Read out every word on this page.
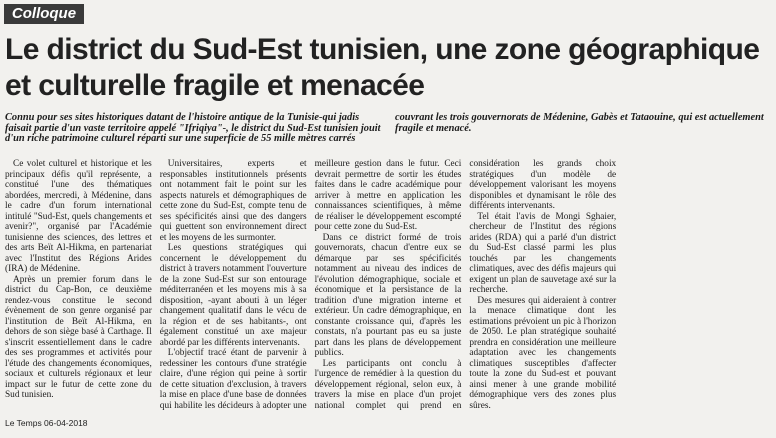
Colloque
Le district du Sud-Est tunisien, une zone géographique et culturelle fragile et menacée
Connu pour ses sites historiques datant de l'histoire antique de la Tunisie-qui jadis faisait partie d'un vaste territoire appelé "Ifriqiya"-, le district du Sud-Est tunisien jouit d'un riche patrimoine culturel réparti sur une superficie de 55 mille mètres carrés couvrant les trois gouvernorats de Médenine, Gabès et Tataouine, qui est actuellement fragile et menacé.

Ce volet culturel et historique et les principaux défis qu'il représente, a constitué l'une des thématiques abordées, mercredi, à Médenine, dans le cadre d'un forum international intitulé "Sud-Est, quels changements et avenir?", organisé par l'Académie tunisienne des sciences, des lettres et des arts Beït Al-Hikma, en partenariat avec l'Institut des Régions Arides (IRA) de Médenine.

Après un premier forum dans le district du Cap-Bon, ce deuxième rendez-vous constitue le second évènement de son genre organisé par l'institution de Beït Al-Hikma, en dehors de son siège basé à Carthage. Il s'inscrit essentiellement dans le cadre des ses programmes et activités pour l'étude des changements économiques, sociaux et culturels régionaux et leur impact sur le futur de cette zone du Sud tunisien.

Universitaires, experts et responsables institutionnels présents ont notamment fait le point sur les aspects naturels et démographiques de cette zone du Sud-Est, compte tenu de ses spécificités ainsi que des dangers qui guettent son environnement direct et les moyens de les surmonter.

Les questions stratégiques qui concernent le développement du district à travers notamment l'ouverture de la zone Sud-Est sur son entourage méditerranéen et les moyens mis à sa disposition, -ayant abouti à un léger changement qualitatif dans le vécu de la région et de ses habitants-, ont également constitué un axe majeur abordé par les différents intervenants.

L'objectif tracé étant de parvenir à redessiner les contours d'une stratégie claire, d'une région qui peine à sortir de cette situation d'exclusion, à travers la mise en place d'une base de données qui habilite les décideurs à adopter une meilleure gestion dans le futur. Ceci devrait permettre de sortir les études faites dans le cadre académique pour arriver à mettre en application les connaissances scientifiques, à même de réaliser le développement escompté pour cette zone du Sud-Est.

Dans ce district formé de trois gouvernorats, chacun d'entre eux se démarque par ses spécificités notamment au niveau des indices de l'évolution démographique, sociale et économique et la persistance de la tradition d'une migration interne et extérieur. Un cadre démographique, en constante croissance qui, d'après les constats, n'a pourtant pas eu sa juste part dans les plans de développement publics.

Les participants ont conclu à l'urgence de remédier à la question du développement régional, selon eux, à travers la mise en place d'un projet national complet qui prend en considération les grands choix stratégiques d'un modèle de développement valorisant les moyens disponibles et dynamisant le rôle des différents intervenants.

Tel était l'avis de Mongi Sghaier, chercheur de l'Institut des régions arides (RDA) qui a parlé d'un district du Sud-Est classé parmi les plus touchés par les changements climatiques, avec des défis majeurs qui exigent un plan de sauvetage axé sur la recherche.

Des mesures qui aideraient à contrer la menace climatique dont les estimations prévoient un pic à l'horizon de 2050. Le plan stratégique souhaité prendra en considération une meilleure adaptation avec les changements climatiques susceptibles d'affecter toute la zone du Sud-est et pouvant ainsi mener à une grande mobilité démographique vers des zones plus sûres.

Le Temps 06-04-2018
